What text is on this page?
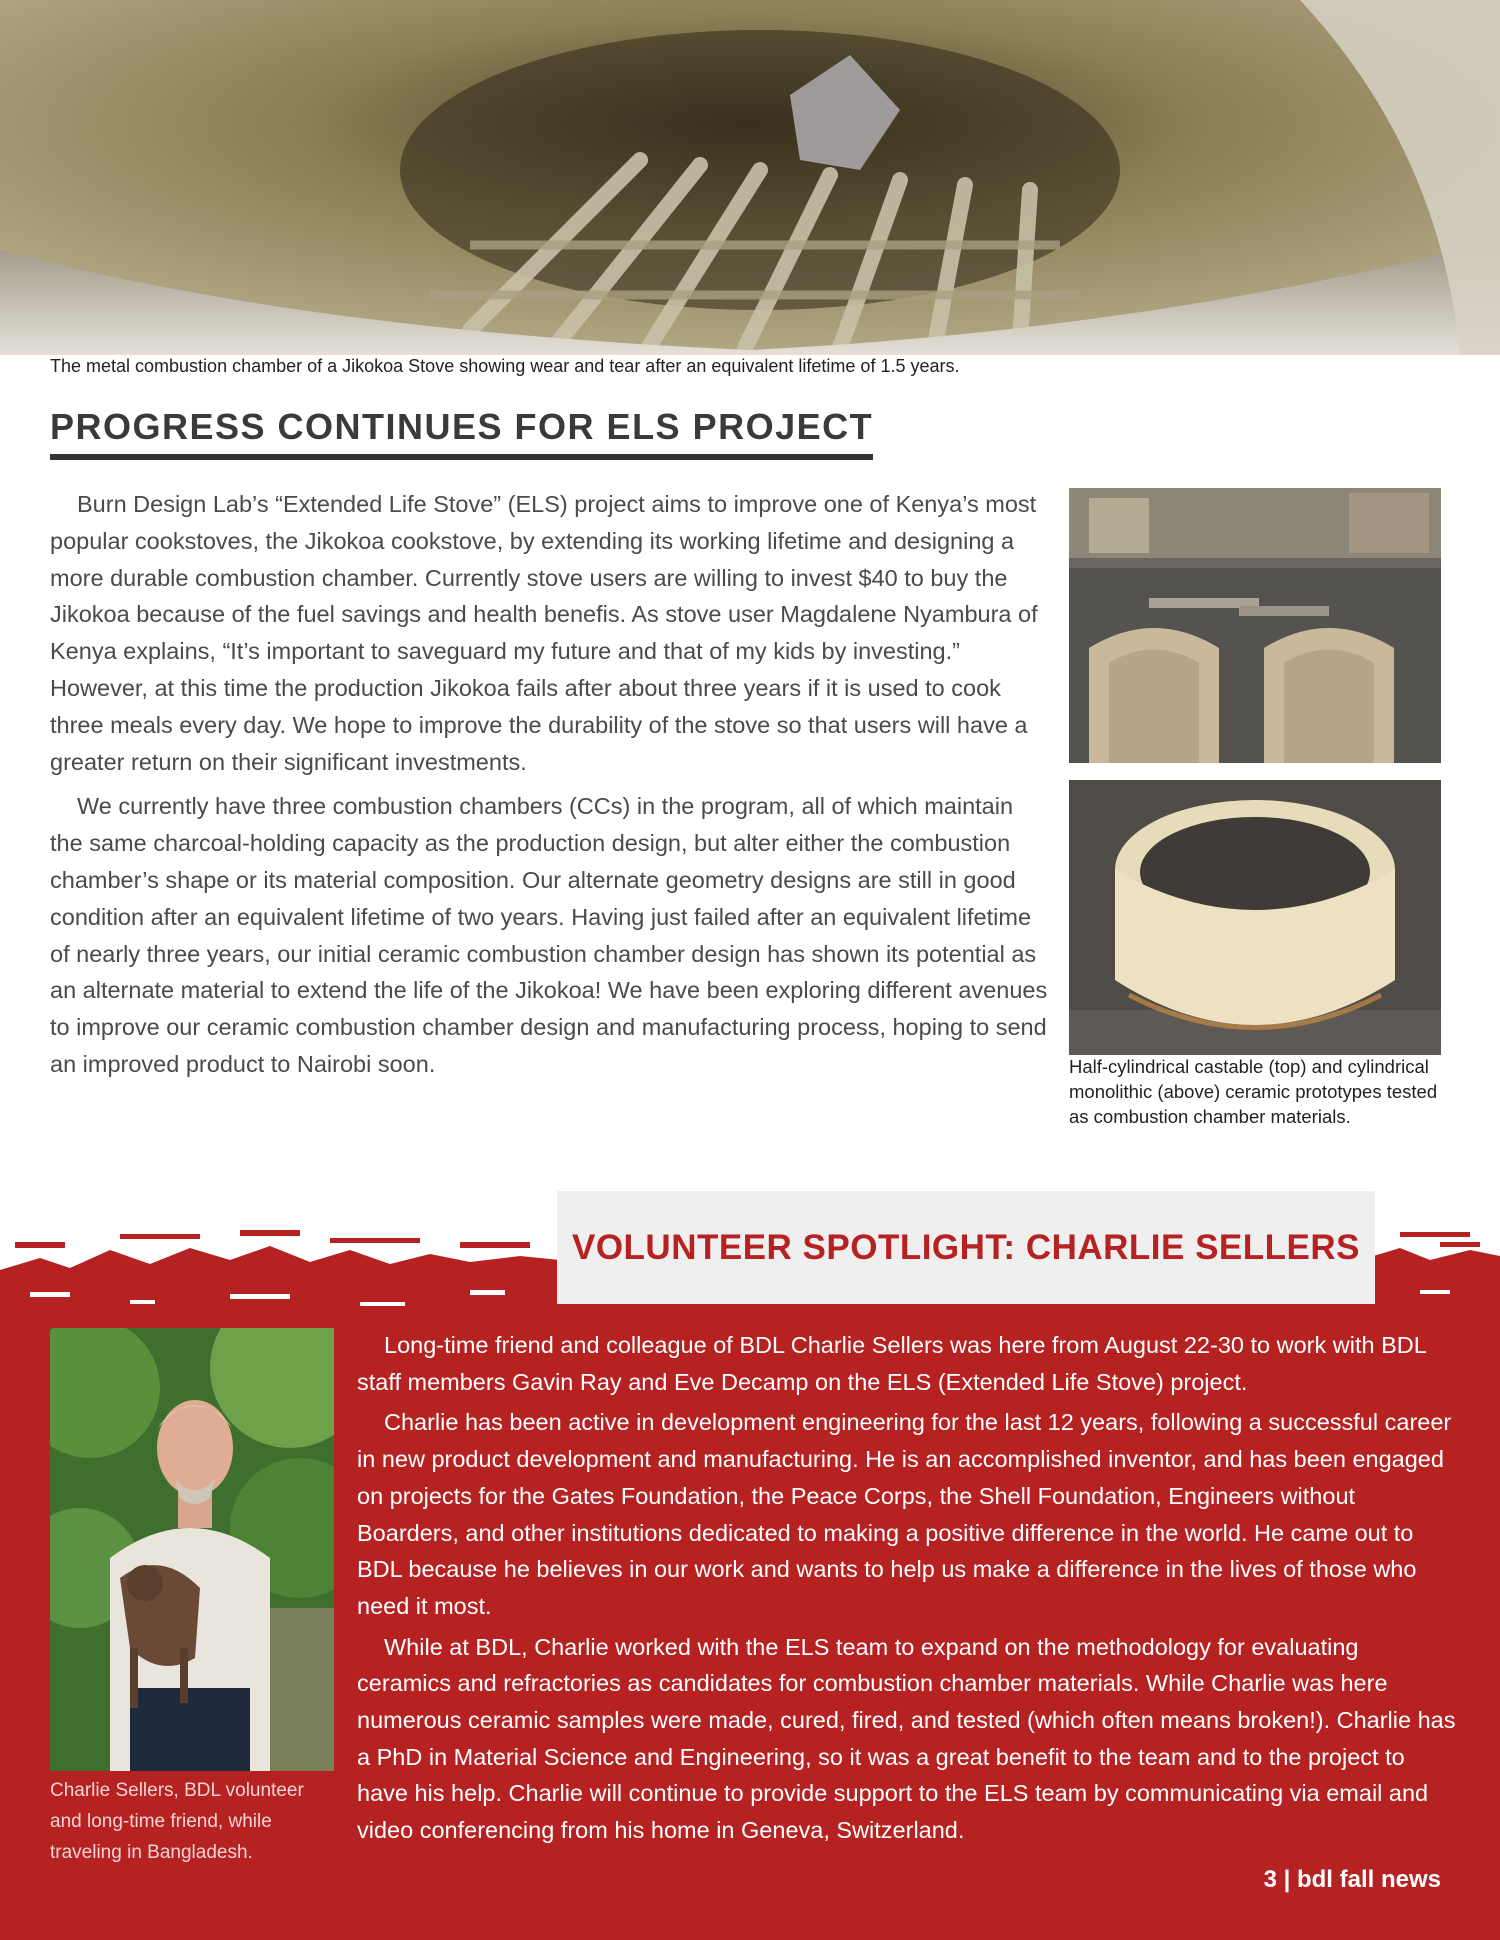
The metal combustion chamber of a Jikokoa Stove showing wear and tear after an equivalent lifetime of 1.5 years.
PROGRESS CONTINUES FOR ELS PROJECT

Burn Design Lab’s “Extended Life Stove” (ELS) project aims to improve one of Kenya’s most popular cookstoves, the Jikokoa cookstove, by extending its working lifetime and designing a more durable combustion chamber. Currently stove users are willing to invest $40 to buy the Jikokoa because of the fuel savings and health benefis. As stove user Magdalene Nyambura of Kenya explains, “It’s important to saveguard my future and that of my kids by investing.” However, at this time the production Jikokoa fails after about three years if it is used to cook three meals every day. We hope to improve the durability of the stove so that users will have a greater return on their significant investments.

We currently have three combustion chambers (CCs) in the program, all of which maintain the same charcoal-holding capacity as the production design, but alter either the combustion chamber’s shape or its material composition. Our alternate geometry designs are still in good condition after an equivalent lifetime of two years. Having just failed after an equivalent lifetime of nearly three years, our initial ceramic combustion chamber design has shown its potential as an alternate material to extend the life of the Jikokoa! We have been exploring different avenues to improve our ceramic combustion chamber design and manufacturing process, hoping to send an improved product to Nairobi soon.	Half-cylindrical castable (top) and cylindrical monolithic (above) ceramic prototypes tested as combustion chamber materials.
VOLUNTEER SPOTLIGHT: CHARLIE SELLERS
Charlie Sellers, BDL volunteer and long-time friend, while traveling in Bangladesh.

Long-time friend and colleague of BDL Charlie Sellers was here from August 22-30 to work with BDL staff members Gavin Ray and Eve Decamp on the ELS (Extended Life Stove) project.

Charlie has been active in development engineering for the last 12 years, following a successful career in new product development and manufacturing. He is an accomplished inventor, and has been engaged on projects for the Gates Foundation, the Peace Corps, the Shell Foundation, Engineers without Boarders, and other institutions dedicated to making a positive difference in the world. He came out to BDL because he believes in our work and wants to help us make a difference in the lives of those who need it most.

While at BDL, Charlie worked with the ELS team to expand on the methodology for evaluating ceramics and refractories as candidates for combustion chamber materials. While Charlie was here numerous ceramic samples were made, cured, fired, and tested (which often means broken!). Charlie has a PhD in Material Science and Engineering, so it was a great benefit to the team and to the project to have his help. Charlie will continue to provide support to the ELS team by communicating via email and video conferencing from his home in Geneva, Switzerland.

3 | bdl fall news
